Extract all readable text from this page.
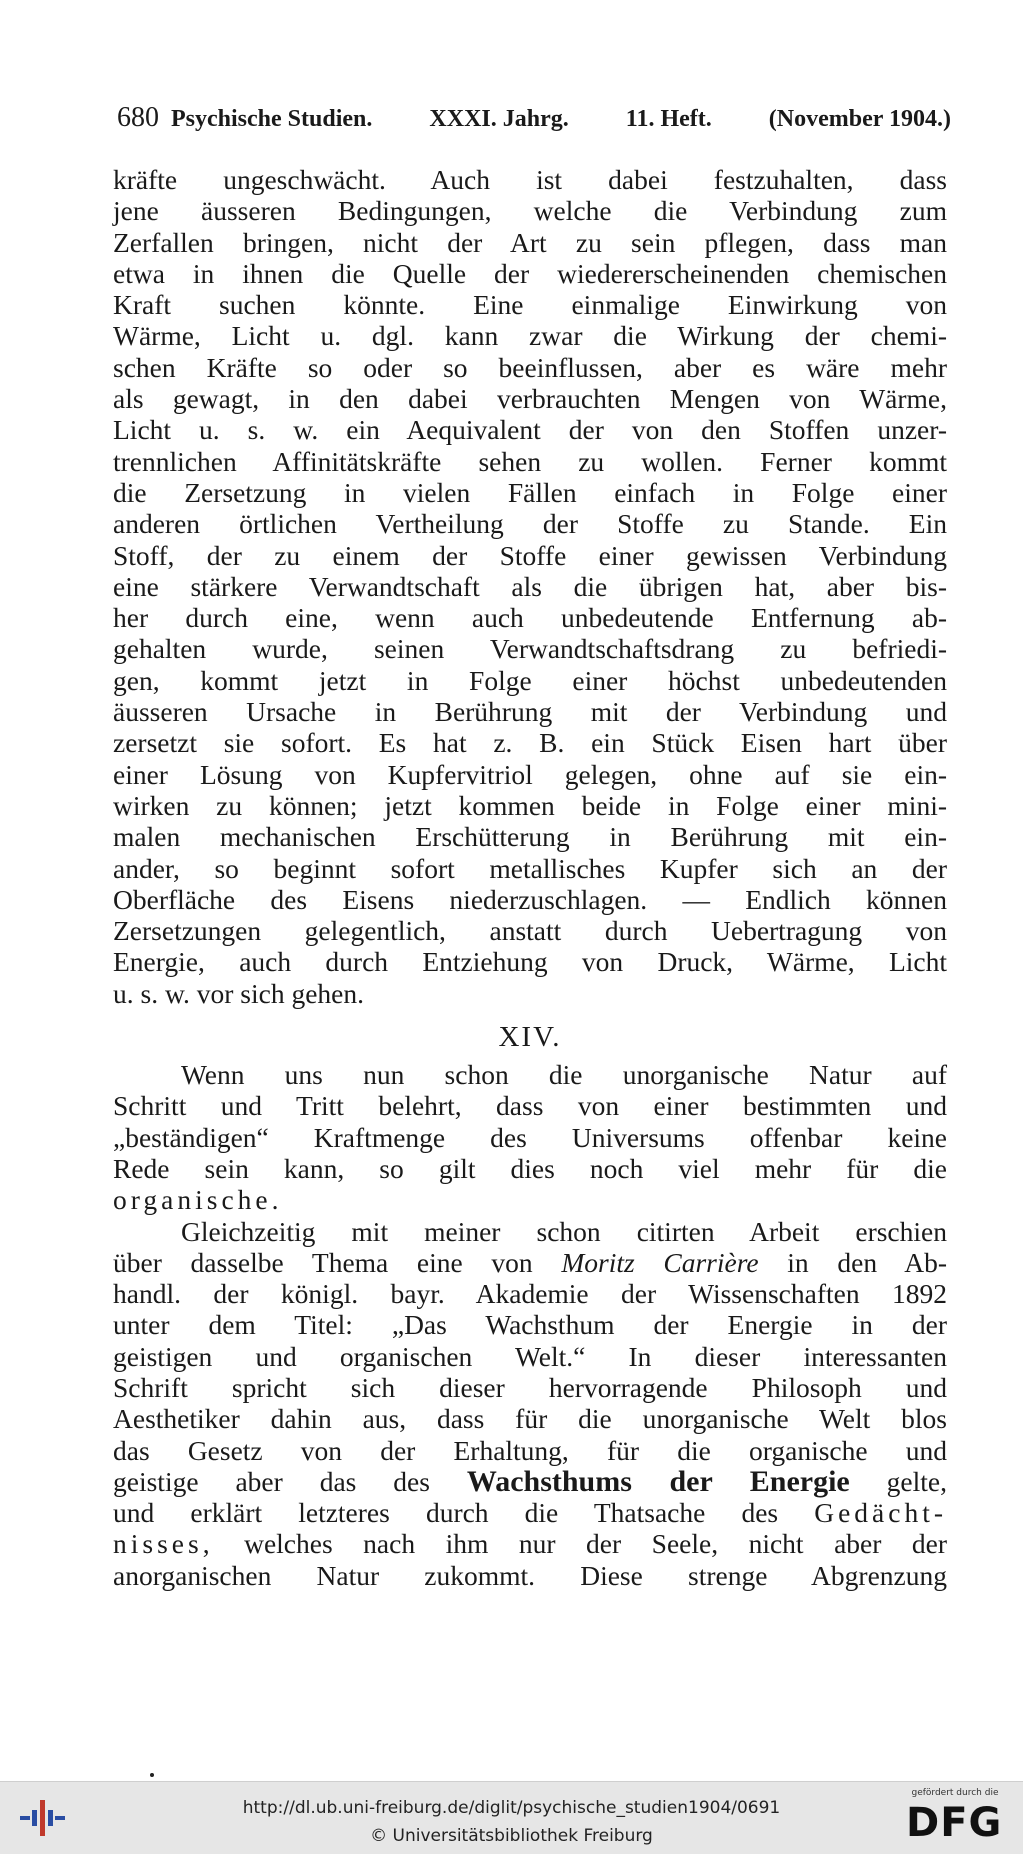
680 Psychische Studien. XXXI. Jahrg. 11. Heft. (November 1904.)
kräfte ungeschwächt. Auch ist dabei festzuhalten, dass
jene äusseren Bedingungen, welche die Verbindung zum
Zerfallen bringen, nicht der Art zu sein pflegen, dass man
etwa in ihnen die Quelle der wiedererscheinenden chemischen
Kraft suchen könnte. Eine einmalige Einwirkung von
Wärme, Licht u. dgl. kann zwar die Wirkung der chemi-
schen Kräfte so oder so beeinflussen, aber es wäre mehr
als gewagt, in den dabei verbrauchten Mengen von Wärme,
Licht u. s. w. ein Aequivalent der von den Stoffen unzer-
trennlichen Affinitätskräfte sehen zu wollen. Ferner kommt
die Zersetzung in vielen Fällen einfach in Folge einer
anderen örtlichen Vertheilung der Stoffe zu Stande. Ein
Stoff, der zu einem der Stoffe einer gewissen Verbindung
eine stärkere Verwandtschaft als die übrigen hat, aber bis-
her durch eine, wenn auch unbedeutende Entfernung ab-
gehalten wurde, seinen Verwandtschaftsdrang zu befriedi-
gen, kommt jetzt in Folge einer höchst unbedeutenden
äusseren Ursache in Berührung mit der Verbindung und
zersetzt sie sofort. Es hat z. B. ein Stück Eisen hart über
einer Lösung von Kupfervitriol gelegen, ohne auf sie ein-
wirken zu können; jetzt kommen beide in Folge einer mini-
malen mechanischen Erschütterung in Berührung mit ein-
ander, so beginnt sofort metallisches Kupfer sich an der
Oberfläche des Eisens niederzuschlagen. — Endlich können
Zersetzungen gelegentlich, anstatt durch Uebertragung von
Energie, auch durch Entziehung von Druck, Wärme, Licht
u. s. w. vor sich gehen.
XIV.
Wenn uns nun schon die unorganische Natur auf
Schritt und Tritt belehrt, dass von einer bestimmten und
„beständigen“ Kraftmenge des Universums offenbar keine
Rede sein kann, so gilt dies noch viel mehr für die
organische.
Gleichzeitig mit meiner schon citirten Arbeit erschien
über dasselbe Thema eine von Moritz Carrière in den Ab-
handl. der königl. bayr. Akademie der Wissenschaften 1892
unter dem Titel: „Das Wachsthum der Energie in der
geistigen und organischen Welt.“ In dieser interessanten
Schrift spricht sich dieser hervorragende Philosoph und
Aesthetiker dahin aus, dass für die unorganische Welt blos
das Gesetz von der Erhaltung, für die organische und
geistige aber das des Wachsthums der Energie gelte,
und erklärt letzteres durch die Thatsache des Gedächt-
nisses, welches nach ihm nur der Seele, nicht aber der
anorganischen Natur zukommt. Diese strenge Abgrenzung
http://dl.ub.uni-freiburg.de/diglit/psychische_studien1904/0691
© Universitätsbibliothek Freiburg
gefördert durch die
DFG
